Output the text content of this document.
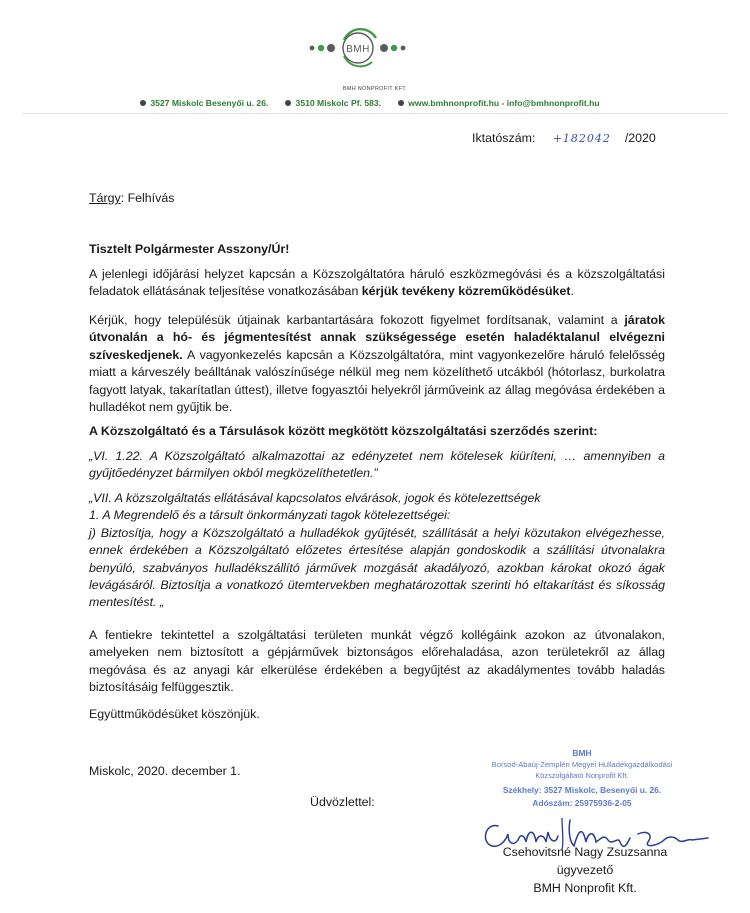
BMH
BMH NONPROFIT KFT.
3527 Miskolc Besenyői u. 26.	3510 Miskolc Pf. 583.	www.bmhnonprofit.hu - info@bmhnonprofit.hu
Iktatószám: +182042 /2020
Tárgy: Felhívás
Tisztelt Polgármester Asszony/Úr!
A jelenlegi időjárási helyzet kapcsán a Közszolgáltatóra háruló eszközmegóvási és a közszolgáltatási feladatok ellátásának teljesítése vonatkozásában kérjük tevékeny közreműködésüket.
Kérjük, hogy településük útjainak karbantartására fokozott figyelmet fordítsanak, valamint a járatok útvonalán a hó- és jégmentesítést annak szükségessége esetén haladéktalanul elvégezni szíveskedjenek. A vagyonkezelés kapcsán a Közszolgáltatóra, mint vagyonkezelőre háruló felelősség miatt a kárveszély beálltának valószínűsége nélkül meg nem közelíthető utcákból (hótorlasz, burkolatra fagyott latyak, takarítatlan úttest), illetve fogyasztói helyekről járműveink az állag megóvása érdekében a hulladékot nem gyűjtik be.
A Közszolgáltató és a Társulások között megkötött közszolgáltatási szerződés szerint:
„VI. 1.22. A Közszolgáltató alkalmazottai az edényzetet nem kötelesek kiüríteni, … amennyiben a gyűjtőedényzet bármilyen okból megközelíthetetlen.”
„VII. A közszolgáltatás ellátásával kapcsolatos elvárások, jogok és kötelezettségek
1. A Megrendelő és a társult önkormányzati tagok kötelezettségei:
j) Biztosítja, hogy a Közszolgáltató a hulladékok gyűjtését, szállítását a helyi közutakon elvégezhesse, ennek érdekében a Közszolgáltató előzetes értesítése alapján gondoskodik a szállítási útvonalakra benyúló, szabványos hulladékszállító járművek mozgását akadályozó, azokban károkat okozó ágak levágásáról. Biztosítja a vonatkozó ütemtervekben meghatározottak szerinti hó eltakarítást és síkosság mentesítést. „
A fentiekre tekintettel a szolgáltatási területen munkát végző kollégáink azokon az útvonalakon, amelyeken nem biztosított a gépjárművek biztonságos előrehaladása, azon területekről az állag megóvása és az anyagi kár elkerülése érdekében a begyűjtést az akadálymentes tovább haladás biztosításáig felfüggesztik.
Együttműködésüket köszönjük.
Miskolc, 2020. december 1.
Üdvözlettel:
BMH
Borsod-Abaúj-Zemplén Megyei Hulladékgazdálkodási
Közszolgáltató Nonprofit Kft.
Székhely: 3527 Miskolc, Besenyői u. 26.
Adószám: 25975936-2-05
Csehovitsné Nagy Zsuzsanna
ügyvezető
BMH Nonprofit Kft.
